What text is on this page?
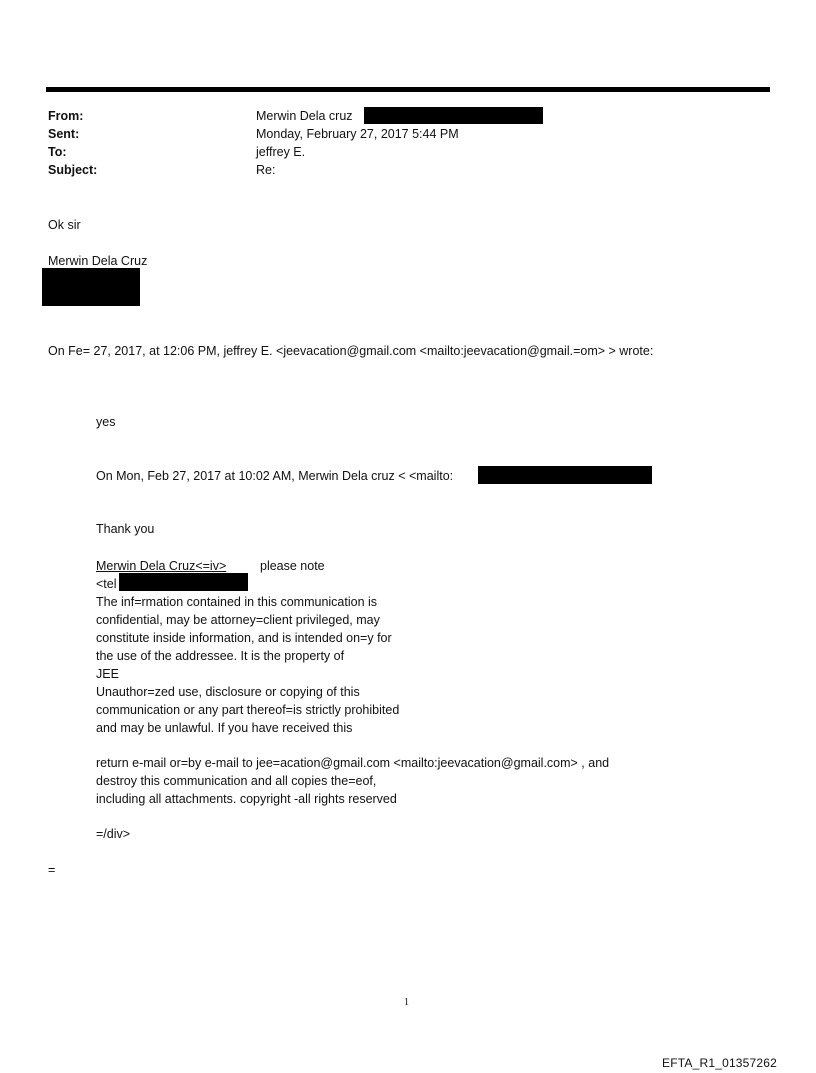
From:	Merwin Dela cruz
Sent:	Monday, February 27, 2017 5:44 PM
To:	jeffrey E.
Subject:	Re:
Ok sir
Merwin Dela Cruz
On Fe= 27, 2017, at 12:06 PM, jeffrey E. <jeevacation@gmail.com <mailto:jeevacation@gmail.=om> > wrote:
yes
On Mon, Feb 27, 2017 at 10:02 AM, Merwin Dela cruz < <mailto:
Thank you
Merwin Dela Cruz<=iv>	please note
<tel
The inf=rmation contained in this communication is
confidential, may be attorney=client privileged, may
constitute inside information, and is intended on=y for
the use of the addressee. It is the property of
JEE
Unauthor=zed use, disclosure or copying of this
communication or any part thereof=is strictly prohibited
and may be unlawful. If you have received this
return e-mail or=by e-mail to jee=acation@gmail.com <mailto:jeevacation@gmail.com> , and
destroy this communication and all copies the=eof,
including all attachments. copyright -all rights reserved
=/div>
=
1
EFTA_R1_01357262
